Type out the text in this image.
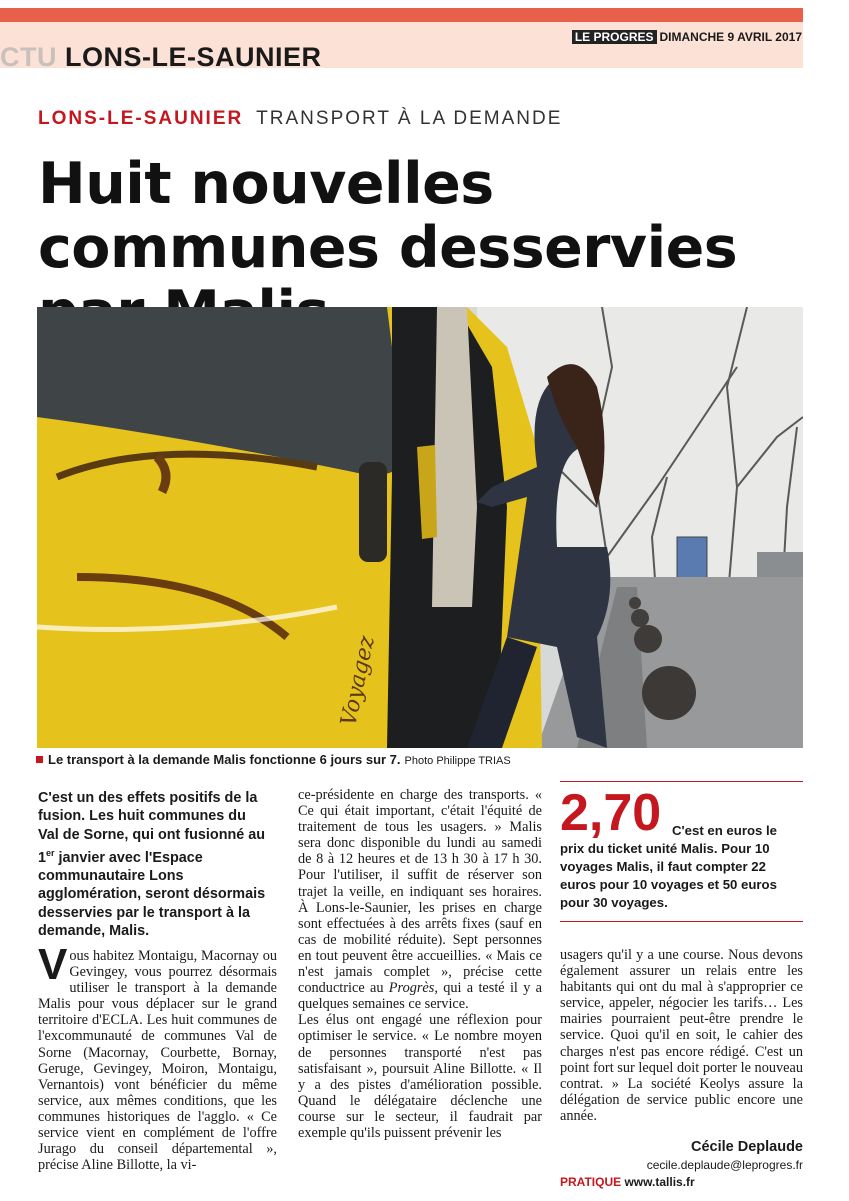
CTU LONS-LE-SAUNIER
LE PROGRES DIMANCHE 9 AVRIL 2017
LONS-LE-SAUNIER TRANSPORT À LA DEMANDE
Huit nouvelles communes desservies
Voyagez
Le transport à la demande Malis fonctionne 6 jours sur 7. Photo Philippe TRIAS
C'est un des effets positifs de la fusion. Les huit communes du Val de Sorne, qui ont fusionné au 1er janvier avec l'Espace communautaire Lons agglomération, seront désormais desservies par le transport à la demande, Malis.
Vous habitez Montaigu, Macornay ou Gevingey, vous pourrez désormais utiliser le transport à la demande Malis pour vous déplacer sur le grand territoire d'ECLA. Les huit communes de l'excommunauté de communes Val de Sorne (Macornay, Courbette, Bornay, Geruge, Gevingey, Moiron, Montaigu, Vernantois) vont bénéficier du même service, aux mêmes conditions, que les communes historiques de l'agglo. « Ce service vient en complément de l'offre Jurago du conseil départemental », précise Aline Billotte, la vi-
ce-présidente en charge des transports. « Ce qui était important, c'était l'équité de traitement de tous les usagers. » Malis sera donc disponible du lundi au samedi de 8 à 12 heures et de 13 h 30 à 17 h 30. Pour l'utiliser, il suffit de réserver son trajet la veille, en indiquant ses horaires. À Lons-le-Saunier, les prises en charge sont effectuées à des arrêts fixes (sauf en cas de mobilité réduite). Sept personnes en tout peuvent être accueillies. « Mais ce n'est jamais complet », précise cette conductrice au Progrès, qui a testé il y a quelques semaines ce service.
Les élus ont engagé une réflexion pour optimiser le service. « Le nombre moyen de personnes transporté n'est pas satisfaisant », poursuit Aline Billotte. « Il y a des pistes d'amélioration possible. Quand le délégataire déclenche une course sur le secteur, il faudrait par exemple qu'ils puissent prévenir les
2,70 C'est en euros le prix du ticket unité Malis. Pour 10 voyages Malis, il faut compter 22 euros pour 10 voyages et 50 euros pour 30 voyages.
usagers qu'il y a une course. Nous devons également assurer un relais entre les habitants qui ont du mal à s'approprier ce service, appeler, négocier les tarifs… Les mairies pourraient peut-être prendre le service. Quoi qu'il en soit, le cahier des charges n'est pas encore rédigé. C'est un point fort sur lequel doit porter le nouveau contrat. » La société Keolys assure la délégation de service public encore une année.
Cécile Deplaude
cecile.deplaude@leprogres.fr
PRATIQUE www.tallis.fr
